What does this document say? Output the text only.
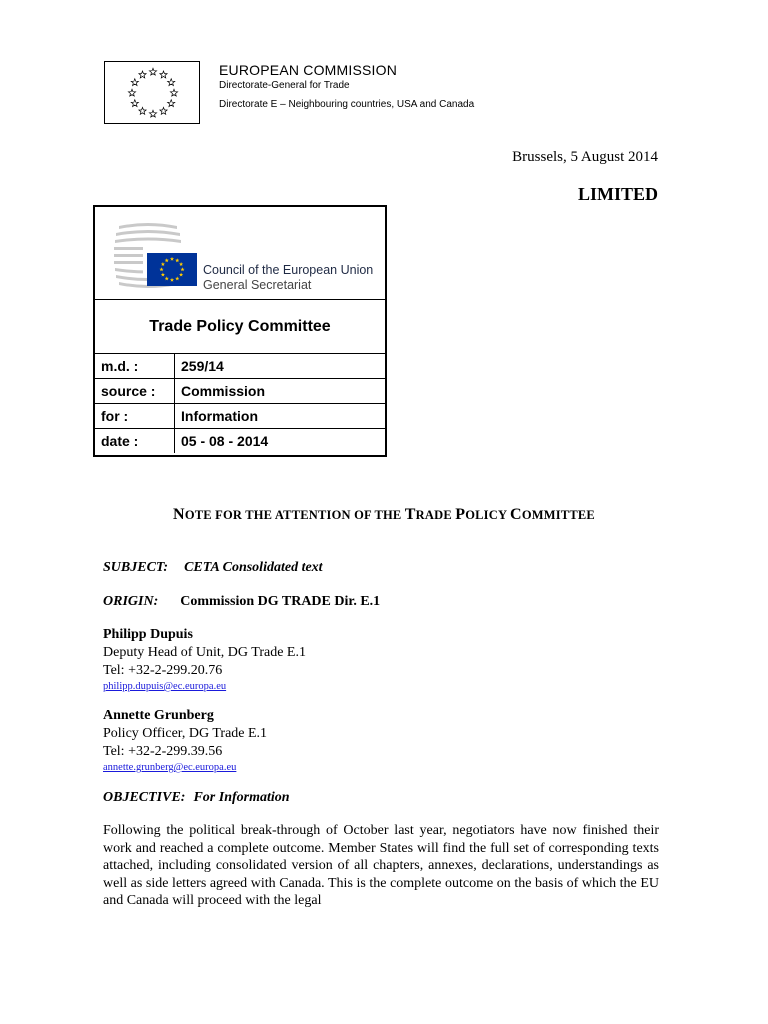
EUROPEAN COMMISSION
Directorate-General for Trade
Directorate E – Neighbouring countries, USA and Canada
Brussels, 5 August 2014
LIMITED
Council of the European Union
General Secretariat
Trade Policy Committee
m.d. :	259/14
source :	Commission
for :	Information
date :	05 - 08 - 2014
NOTE FOR THE ATTENTION OF THE TRADE POLICY COMMITTEE
SUBJECT: CETA Consolidated text
ORIGIN: Commission DG TRADE Dir. E.1
Philipp Dupuis
Deputy Head of Unit, DG Trade E.1
Tel: +32-2-299.20.76
philipp.dupuis@ec.europa.eu
Annette Grunberg
Policy Officer, DG Trade E.1
Tel: +32-2-299.39.56
annette.grunberg@ec.europa.eu
OBJECTIVE: For Information
Following the political break-through of October last year, negotiators have now finished their work and reached a complete outcome. Member States will find the full set of corresponding texts attached, including consolidated version of all chapters, annexes, declarations, understandings as well as side letters agreed with Canada. This is the complete outcome on the basis of which the EU and Canada will proceed with the legal
